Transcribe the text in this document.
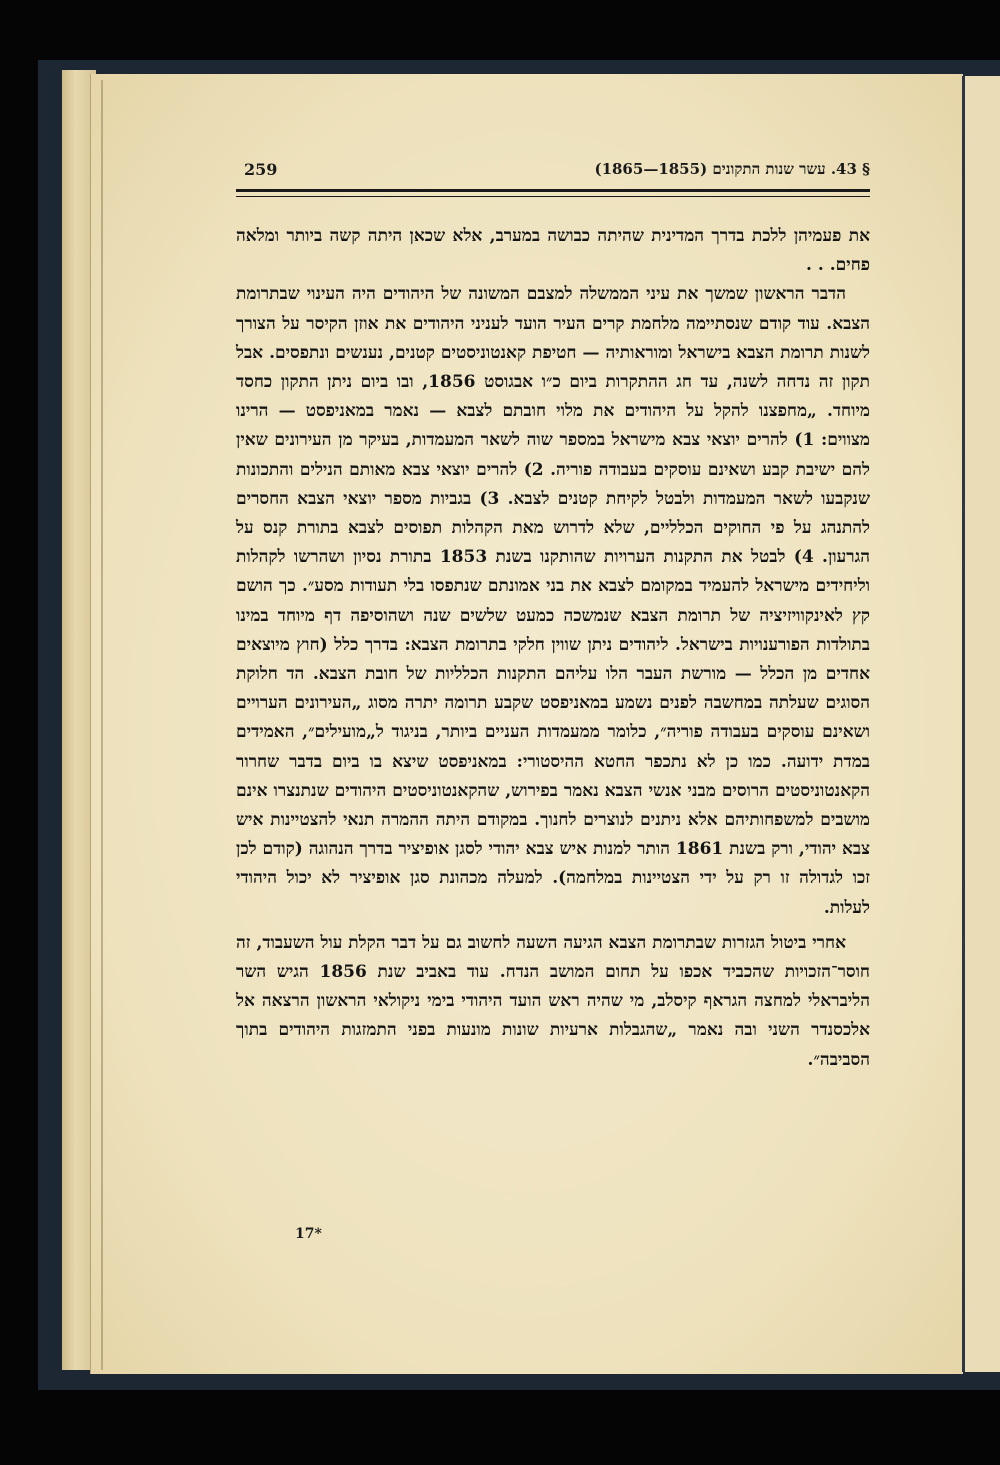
259	§ 43. עשר שנות התקונים (1855—1865)

את פעמיהן ללכת בדרך המדינית שהיתה כבושה במערב, אלא שכאן היתה קשה ביותר ומלאה פחים. . .

הדבר הראשון שמשך את עיני הממשלה למצבם המשונה של היהודים היה העינוי שבתרומת הצבא. עוד קודם שנסתיימה מלחמת קרים העיר הועד לעניני היהודים את אוזן הקיסר על הצורך לשנות תרומת הצבא בישראל ומוראותיה — חטיפת קאנטוניסטים קטנים, נענשים ונתפסים. אבל תקון זה נדחה לשנה, עד חג ההתקרות ביום כ״ו אבגוסט 1856, ובו ביום ניתן התקון כחסד מיוחד. „מחפצנו להקל על היהודים את מלוי חובתם לצבא — נאמר במאניפסט — הרינו מצווים: 1) להרים יוצאי צבא מישראל במספר שוה לשאר המעמדות, בעיקר מן העירונים שאין להם ישיבת קבע ושאינם עוסקים בעבודה פוריה. 2) להרים יוצאי צבא מאותם הנילים והתכונות שנקבעו לשאר המעמדות ולבטל לקיחת קטנים לצבא. 3) בגביות מספר יוצאי הצבא החסרים להתנהג על פי החוקים הכלליים, שלא לדרוש מאת הקהלות תפוסים לצבא בתורת קנס על הגרעון. 4) לבטל את התקנות הערויות שהותקנו בשנת 1853 בתורת נסיון ושהרשו לקהלות וליחידים מישראל להעמיד במקומם לצבא את בני אמונתם שנתפסו בלי תעודות מסע״. כך הושם קץ לאינקוויזיציה של תרומת הצבא שנמשכה כמעט שלשים שנה ושהוסיפה דף מיוחד במינו בתולדות הפורענויות בישראל. ליהודים ניתן שווין חלקי בתרומת הצבא: בדרך כלל (חוץ מיוצאים אחדים מן הכלל — מורשת העבר הלו עליהם התקנות הכלליות של חובת הצבא. הד חלוקת הסוגים שעלתה במחשבה לפנים נשמע במאניפסט שקבע תרומה יתרה מסוג „העירונים הערויים ושאינם עוסקים בעבודה פוריה״, כלומר ממעמדות העניים ביותר, בניגוד ל„מועילים״, האמידים במדת ידועה. כמו כן לא נתכפר החטא ההיסטורי: במאניפסט שיצא בו ביום בדבר שחרור הקאנטוניסטים הרוסים מבני אנשי הצבא נאמר בפירוש, שהקאנטוניסטים היהודים שנתנצרו אינם מושבים למשפחותיהם אלא ניתנים לנוצרים לחנוך. במקודם היתה ההמרה תנאי להצטיינות איש צבא יהודי, ורק בשנת 1861 הותר למנות איש צבא יהודי לסגן אופיציר בדרך הנהוגה (קודם לכן זכו לגדולה זו רק על ידי הצטיינות במלחמה). למעלה מכהונת סגן אופיציר לא יכול היהודי לעלות.

אחרי ביטול הגזרות שבתרומת הצבא הגיעה השעה לחשוב גם על דבר הקלת עול השעבוד, זה חוסר־הזכויות שהכביד אכפו על תחום המושב הנדח. עוד באביב שנת 1856 הגיש השר הליבראלי למחצה הגראף קיסלב, מי שהיה ראש הועד היהודי בימי ניקולאי הראשון הרצאה אל אלכסנדר השני ובה נאמר „שהגבלות ארעיות שונות מונעות בפני התמזגות היהודים בתוך הסביבה״.

17*
